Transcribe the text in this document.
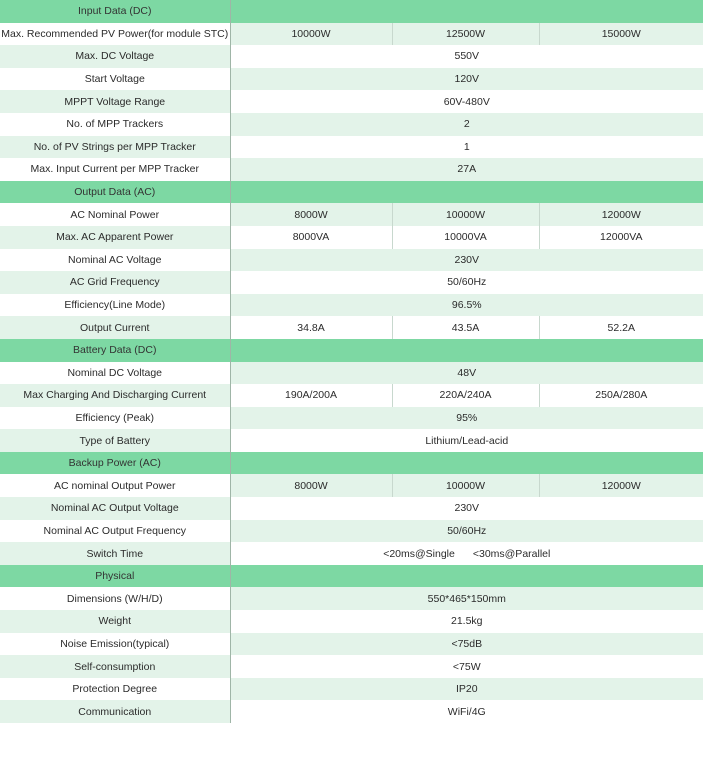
Input Data (DC)			
Max. Recommended PV Power(for module STC)	10000W	12500W	15000W
Max. DC Voltage	550V		
Start Voltage	120V		
MPPT Voltage Range	60V-480V		
No. of MPP Trackers	2		
No. of PV Strings per MPP Tracker	1		
Max. Input Current per MPP Tracker	27A		
Output Data (AC)			
AC Nominal Power	8000W	10000W	12000W
Max. AC Apparent Power	8000VA	10000VA	12000VA
Nominal AC Voltage	230V		
AC Grid Frequency	50/60Hz		
Efficiency(Line Mode)	96.5%		
Output Current	34.8A	43.5A	52.2A
Battery Data (DC)			
Nominal DC Voltage	48V		
Max Charging And Discharging Current	190A/200A	220A/240A	250A/280A
Efficiency (Peak)	95%		
Type of Battery	Lithium/Lead-acid		
Backup Power (AC)			
AC nominal Output Power	8000W	10000W	12000W
Nominal AC Output Voltage	230V		
Nominal AC Output Frequency	50/60Hz		
Switch Time	<20ms@Single <30ms@Parallel		
Physical			
Dimensions (W/H/D)	550*465*150mm		
Weight	21.5kg		
Noise Emission(typical)	<75dB		
Self-consumption	<75W		
Protection Degree	IP20		
Communication	WiFi/4G		
